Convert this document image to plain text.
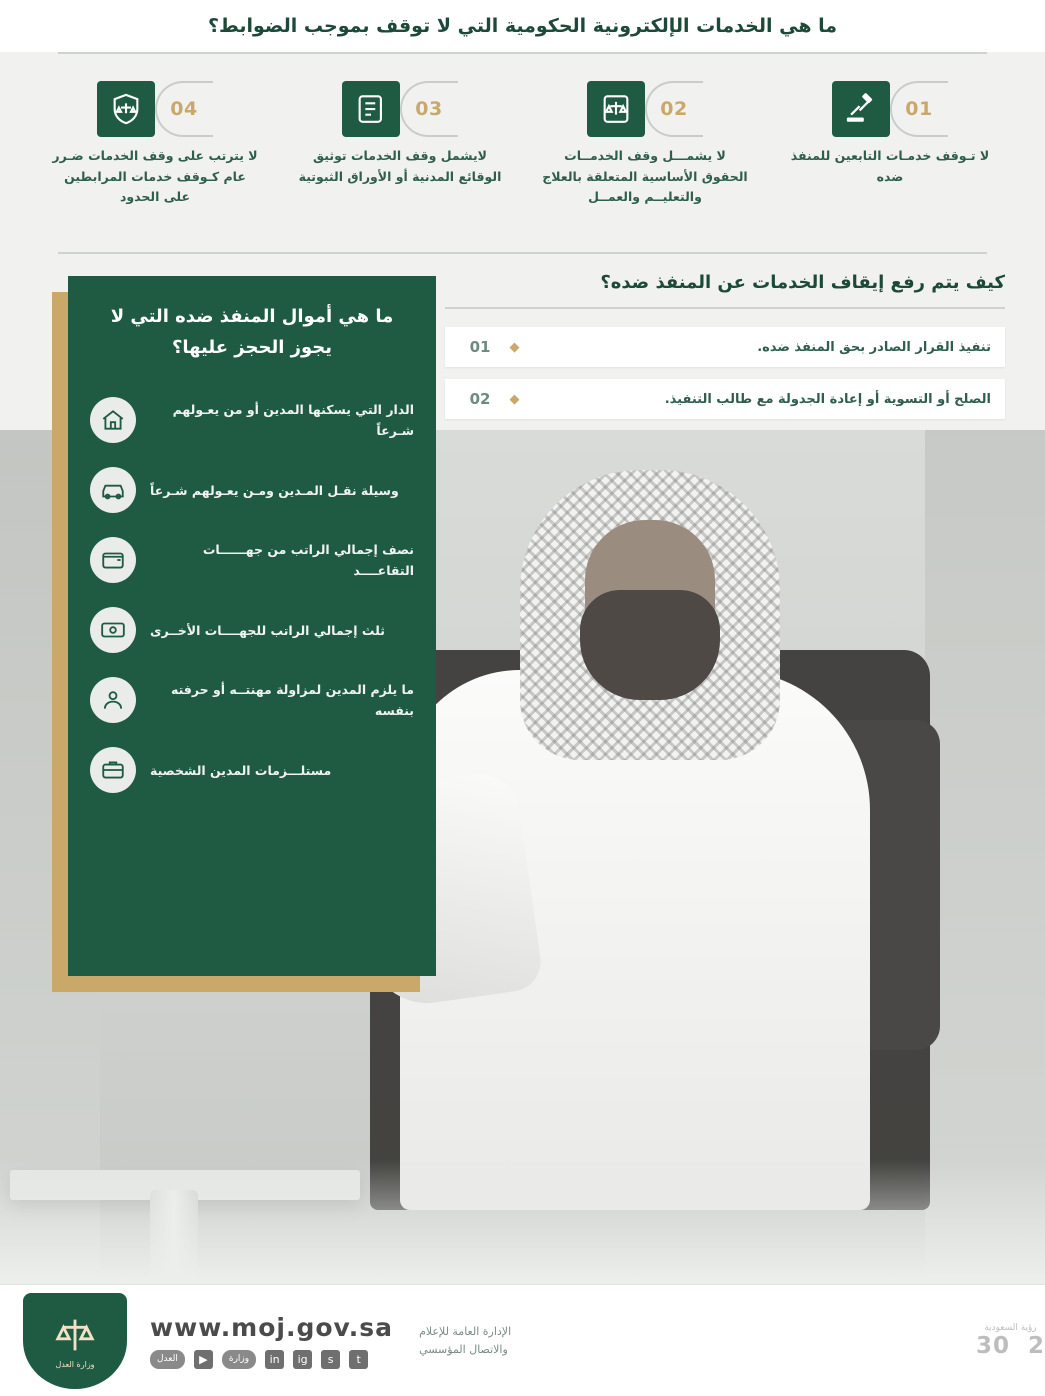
ما هي الخدمات الإلكترونية الحكومية التي لا توقف بموجب الضوابط؟
01
لا تـوقف خدمـات التابعين للمنفذ ضده
02
لا يشمـــل وقف الخدمــات الحقوق الأساسية المتعلقة بالعلاج والتعليــم والعمــل
03
لايشمل وقف الخدمات توثيق الوقائع المدنية أو الأوراق الثبوتية
04
لا يترتب على وقف الخدمات ضـرر عام كـوقف خدمات المرابطين على الحدود
كيف يتم رفع إيقاف الخدمات عن المنفذ ضده؟
01	◆	تنفيذ القرار الصادر بحق المنفذ ضده.
02	◆	الصلح أو التسوية أو إعادة الجدولة مع طالب التنفيذ.
ما هي أموال المنفذ ضده التي لا يجوز الحجز عليها؟
الدار التي يسكنها المدين أو من يعـولهم شـرعاً
وسيلة نقـل المـدين ومـن يعـولهم شـرعاً
نصف إجمالي الراتب من جهــــــات التقاعــــد
ثلث إجمالي الراتب للجهــــات الأخــرى
ما يلزم المدين لمزاولة مهنتــه أو حرفته بنفسه
مستلـــزمات المدين الشخصية
وزارة العدل
www.moj.gov.sa
t
s
ig
in
وزارة
▶
العدل
الإدارة العامة للإعلام
والاتصال المؤسسي
رؤية السعودية
2  30
